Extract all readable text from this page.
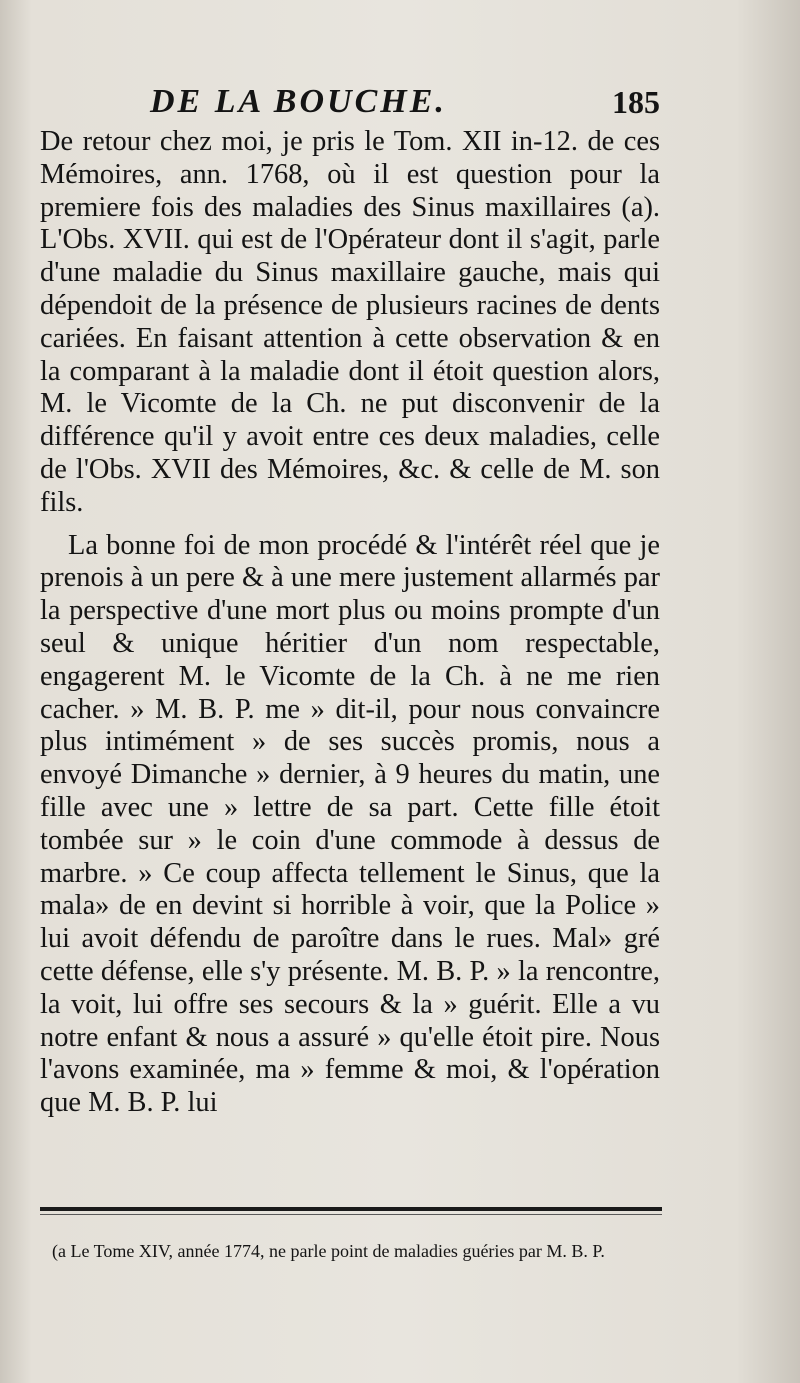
DE LA BOUCHE.	185

De retour chez moi, je pris le Tom. XII in-12. de ces Mémoires, ann. 1768, où il est question pour la premiere fois des maladies des Sinus maxillaires (a). L'Obs. XVII. qui est de l'Opérateur dont il s'agit, parle d'une maladie du Sinus maxillaire gauche, mais qui dépendoit de la présence de plusieurs racines de dents cariées. En faisant attention à cette observation & en la comparant à la maladie dont il étoit question alors, M. le Vicomte de la Ch. ne put disconvenir de la différence qu'il y avoit entre ces deux maladies, celle de l'Obs. XVII des Mémoires, &c. & celle de M. son fils.

La bonne foi de mon procédé & l'intérêt réel que je prenois à un pere & à une mere justement allarmés par la perspective d'une mort plus ou moins prompte d'un seul & unique héritier d'un nom respectable, engagerent M. le Vicomte de la Ch. à ne me rien cacher. » M. B. P. me » dit-il, pour nous convaincre plus intimément » de ses succès promis, nous a envoyé Dimanche » dernier, à 9 heures du matin, une fille avec une » lettre de sa part. Cette fille étoit tombée sur » le coin d'une commode à dessus de marbre. » Ce coup affecta tellement le Sinus, que la mala» de en devint si horrible à voir, que la Police » lui avoit défendu de paroître dans le rues. Mal» gré cette défense, elle s'y présente. M. B. P. » la rencontre, la voit, lui offre ses secours & la » guérit. Elle a vu notre enfant & nous a assuré » qu'elle étoit pire. Nous l'avons examinée, ma » femme & moi, & l'opération que M. B. P. lui

(a Le Tome XIV, année 1774, ne parle point de maladies guéries par M. B. P.
